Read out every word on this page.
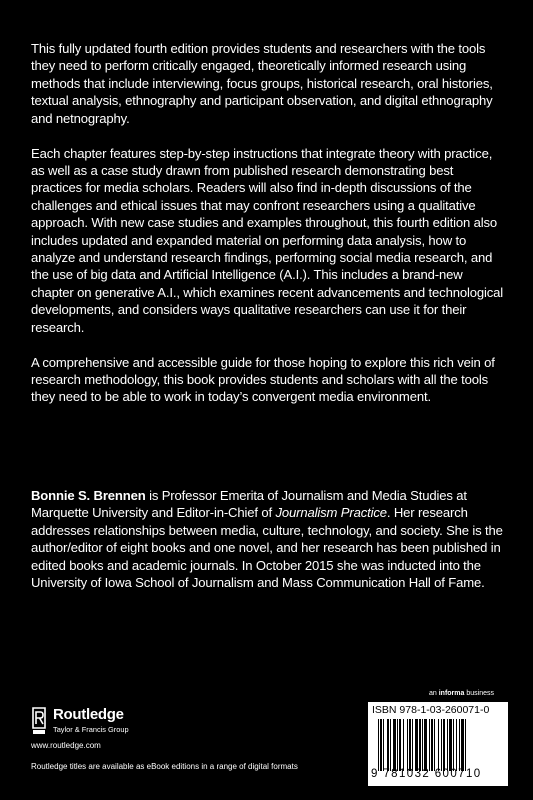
This fully updated fourth edition provides students and researchers with the tools they need to perform critically engaged, theoretically informed research using methods that include interviewing, focus groups, historical research, oral histories, textual analysis, ethnography and participant observation, and digital ethnography and netnography.

Each chapter features step-by-step instructions that integrate theory with practice, as well as a case study drawn from published research demonstrating best practices for media scholars. Readers will also find in-depth discussions of the challenges and ethical issues that may confront researchers using a qualitative approach. With new case studies and examples throughout, this fourth edition also includes updated and expanded material on performing data analysis, how to analyze and understand research findings, performing social media research, and the use of big data and Artificial Intelligence (A.I.). This includes a brand-new chapter on generative A.I., which examines recent advancements and technological developments, and considers ways qualitative researchers can use it for their research.

A comprehensive and accessible guide for those hoping to explore this rich vein of research methodology, this book provides students and scholars with all the tools they need to be able to work in today’s convergent media environment.

Bonnie S. Brennen is Professor Emerita of Journalism and Media Studies at Marquette University and Editor-in-Chief of Journalism Practice. Her research addresses relationships between media, culture, technology, and society. She is the author/editor of eight books and one novel, and her research has been published in edited books and academic journals. In October 2015 she was inducted into the University of Iowa School of Journalism and Mass Communication Hall of Fame.

an informa business
Routledge
Taylor & Francis Group
www.routledge.com
Routledge titles are available as eBook editions in a range of digital formats
ISBN 978-1-03-260071-0
9 781032 600710
